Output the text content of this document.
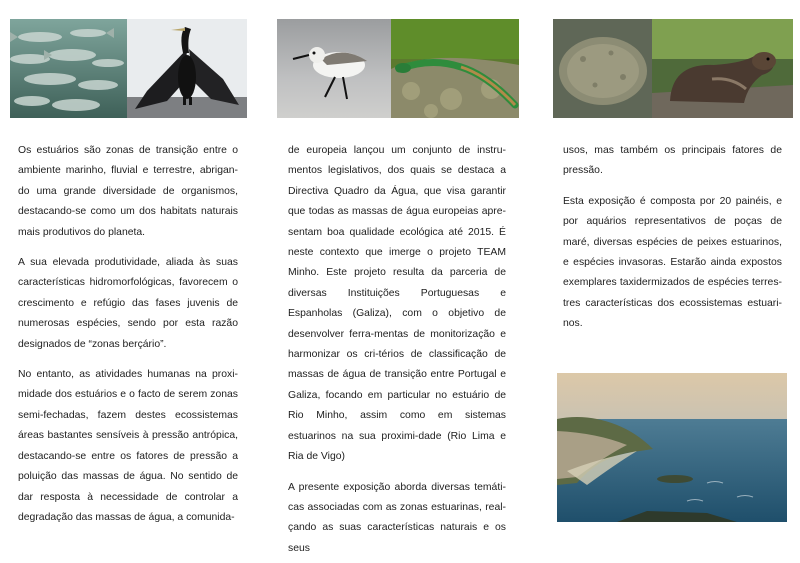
Os estuários são zonas de transição entre o ambiente marinho, fluvial e terrestre, abrigan-do uma grande diversidade de organismos, destacando-se como um dos habitats naturais mais produtivos do planeta.

A sua elevada produtividade, aliada às suas características hidromorfológicas, favorecem o crescimento e refúgio das fases juvenis de numerosas espécies, sendo por esta razão designados de “zonas berçário”.

No entanto, as atividades humanas na proxi-midade dos estuários e o facto de serem zonas semi-fechadas, fazem destes ecossistemas áreas bastantes sensíveis à pressão antrópica, destacando-se entre os fatores de pressão a poluição das massas de água. No sentido de dar resposta à necessidade de controlar a degradação das massas de água, a comunida-

de europeia lançou um conjunto de instru-mentos legislativos, dos quais se destaca a Directiva Quadro da Água, que visa garantir que todas as massas de água europeias apre-sentam boa qualidade ecológica até 2015. É neste contexto que imerge o projeto TEAM Minho. Este projeto resulta da parceria de diversas Instituições Portuguesas e Espanholas (Galiza), com o objetivo de desenvolver ferra-mentas de monitorização e harmonizar os cri-térios de classificação de massas de água de transição entre Portugal e Galiza, focando em particular no estuário de Rio Minho, assim como em sistemas estuarinos na sua proximi-dade (Rio Lima e Ria de Vigo)

A presente exposição aborda diversas temáti-cas associadas com as zonas estuarinas, real-çando as suas características naturais e os seus

usos, mas também os principais fatores de pressão.

Esta exposição é composta por 20 painéis, e por aquários representativos de poças de maré, diversas espécies de peixes estuarinos, e espécies invasoras. Estarão ainda expostos exemplares taxidermizados de espécies terres-tres características dos ecossistemas estuari-nos.
